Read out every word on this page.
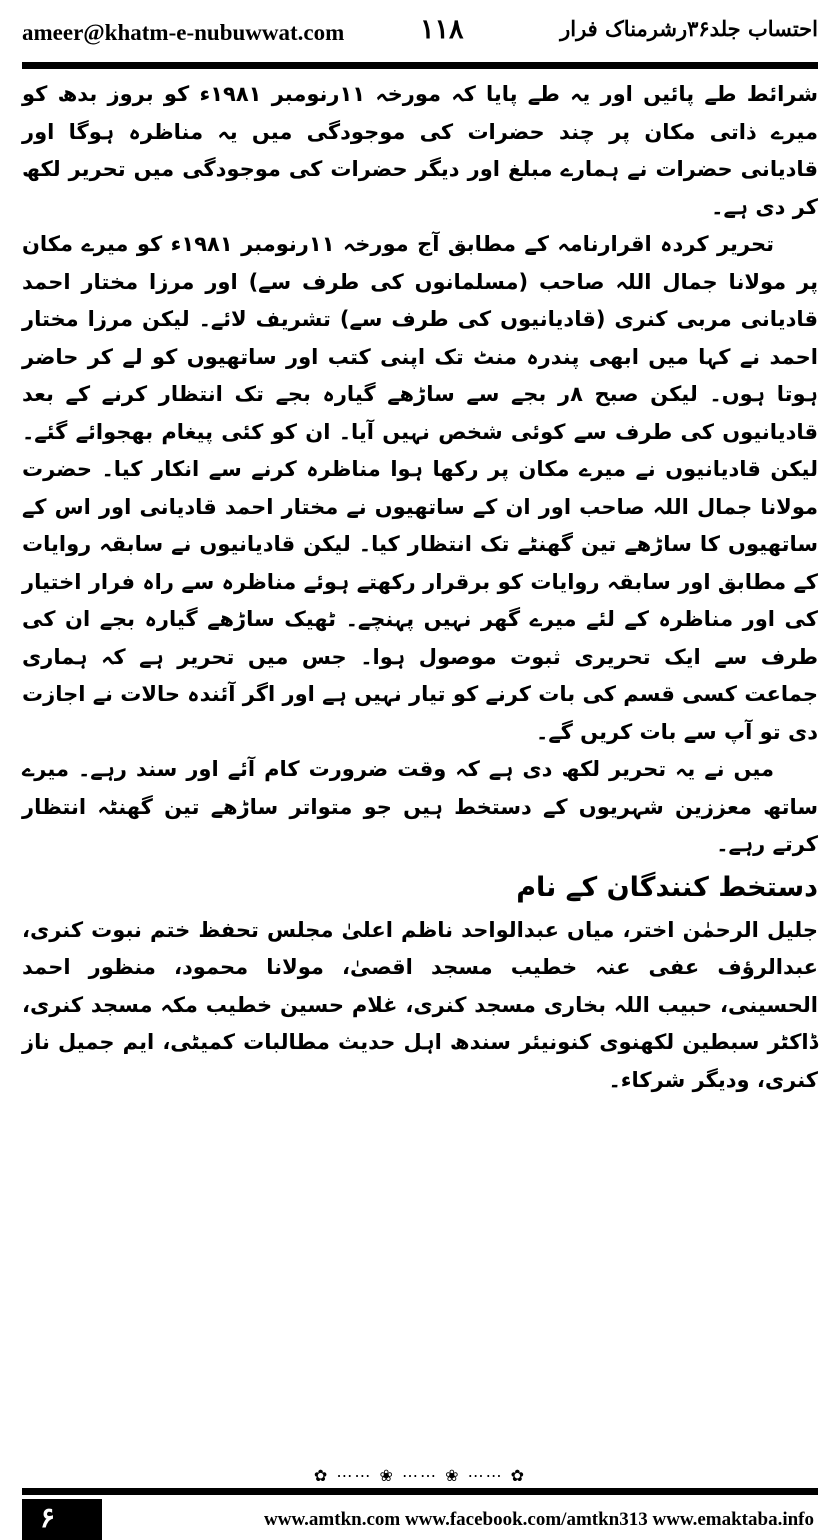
ameer@khatm-e-nubuwwat.com	۱۱۸	احتساب جلد۳۶رشرمناک فرار

شرائط طے پائیں اور یہ طے پایا کہ مورخہ ۱۱رنومبر ۱۹۸۱ء کو بروز بدھ کو میرے ذاتی مکان پر چند حضرات کی موجودگی میں یہ مناظرہ ہوگا اور قادیانی حضرات نے ہمارے مبلغ اور دیگر حضرات کی موجودگی میں تحریر لکھ کر دی ہے۔

تحریر کردہ اقرارنامہ کے مطابق آج مورخہ ۱۱رنومبر ۱۹۸۱ء کو میرے مکان پر مولانا جمال اللہ صاحب (مسلمانوں کی طرف سے) اور مرزا مختار احمد قادیانی مربی کنری (قادیانیوں کی طرف سے) تشریف لائے۔ لیکن مرزا مختار احمد نے کہا میں ابھی پندرہ منٹ تک اپنی کتب اور ساتھیوں کو لے کر حاضر ہوتا ہوں۔ لیکن صبح ۸ر بجے سے ساڑھے گیارہ بجے تک انتظار کرنے کے بعد قادیانیوں کی طرف سے کوئی شخص نہیں آیا۔ ان کو کئی پیغام بھجوائے گئے۔ لیکن قادیانیوں نے میرے مکان پر رکھا ہوا مناظرہ کرنے سے انکار کیا۔ حضرت مولانا جمال اللہ صاحب اور ان کے ساتھیوں نے مختار احمد قادیانی اور اس کے ساتھیوں کا ساڑھے تین گھنٹے تک انتظار کیا۔ لیکن قادیانیوں نے سابقہ روایات کے مطابق اور سابقہ روایات کو برقرار رکھتے ہوئے مناظرہ سے راہ فرار اختیار کی اور مناظرہ کے لئے میرے گھر نہیں پہنچے۔ ٹھیک ساڑھے گیارہ بجے ان کی طرف سے ایک تحریری ثبوت موصول ہوا۔ جس میں تحریر ہے کہ ہماری جماعت کسی قسم کی بات کرنے کو تیار نہیں ہے اور اگر آئندہ حالات نے اجازت دی تو آپ سے بات کریں گے۔

میں نے یہ تحریر لکھ دی ہے کہ وقت ضرورت کام آئے اور سند رہے۔ میرے ساتھ معززین شہریوں کے دستخط ہیں جو متواتر ساڑھے تین گھنٹہ انتظار کرتے رہے۔

دستخط کنندگان کے نام

جلیل الرحمٰن اختر، میاں عبدالواحد ناظم اعلیٰ مجلس تحفظ ختم نبوت کنری، عبدالرؤف عفی عنہ خطیب مسجد اقصیٰ، مولانا محمود، منظور احمد الحسینی، حبیب اللہ بخاری مسجد کنری، غلام حسین خطیب مکہ مسجد کنری، ڈاکٹر سبطین لکھنوی کنونیئر سندھ اہل حدیث مطالبات کمیٹی، ایم جمیل ناز کنری، ودیگر شرکاء۔

✿ ⋯⋯ ❀ ⋯⋯ ❀ ⋯⋯ ✿
۶	www.amtkn.com www.facebook.com/amtkn313 www.emaktaba.info
